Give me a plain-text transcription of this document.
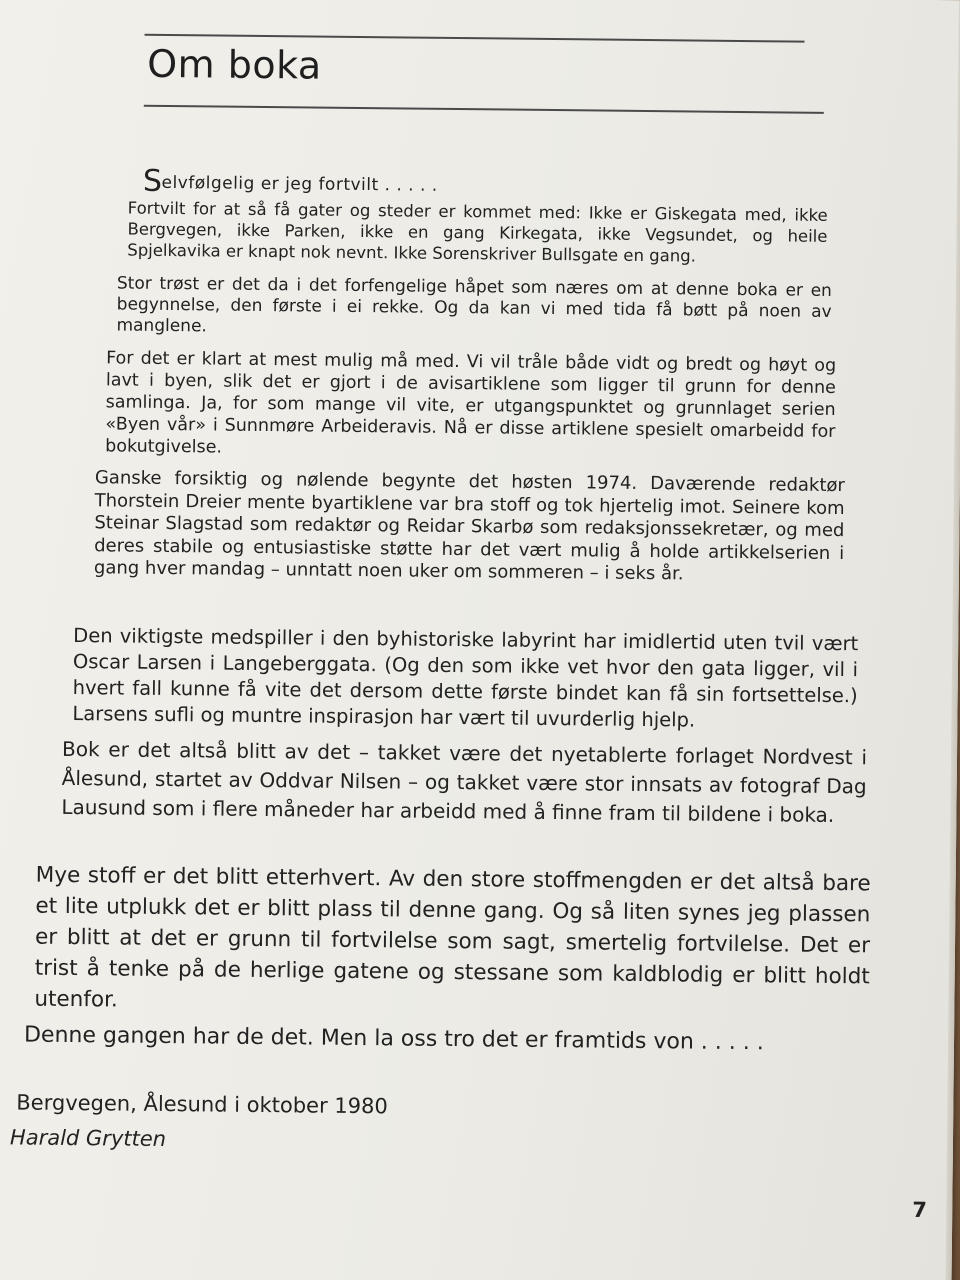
Om boka
Selvfølgelig er jeg fortvilt . . . . .

Fortvilt for at så få gater og steder er kommet med: Ikke er Giskegata med, ikke Bergvegen, ikke Parken, ikke en gang Kirkegata, ikke Vegsundet, og heile Spjelkavika er knapt nok nevnt. Ikke Sorenskriver Bullsgate en gang.

Stor trøst er det da i det forfengelige håpet som næres om at denne boka er en begynnelse, den første i ei rekke. Og da kan vi med tida få bøtt på noen av manglene.

For det er klart at mest mulig må med. Vi vil tråle både vidt og bredt og høyt og lavt i byen, slik det er gjort i de avisartiklene som ligger til grunn for denne samlinga. Ja, for som mange vil vite, er utgangspunktet og grunnlaget serien «Byen vår» i Sunnmøre Arbeideravis. Nå er disse artiklene spesielt omarbeidd for bokutgivelse.

Ganske forsiktig og nølende begynte det høsten 1974. Daværende redaktør Thorstein Dreier mente byartiklene var bra stoff og tok hjertelig imot. Seinere kom Steinar Slagstad som redaktør og Reidar Skarbø som redaksjonssekretær, og med deres stabile og entusiastiske støtte har det vært mulig å holde artikkelserien i gang hver mandag – unntatt noen uker om sommeren – i seks år.

Den viktigste medspiller i den byhistoriske labyrint har imidlertid uten tvil vært Oscar Larsen i Langeberggata. (Og den som ikke vet hvor den gata ligger, vil i hvert fall kunne få vite det dersom dette første bindet kan få sin fortsettelse.) Larsens sufli og muntre inspirasjon har vært til uvurderlig hjelp.

Bok er det altså blitt av det – takket være det nyetablerte forlaget Nordvest i Ålesund, startet av Oddvar Nilsen – og takket være stor innsats av fotograf Dag Lausund som i flere måneder har arbeidd med å finne fram til bildene i boka.

Mye stoff er det blitt etterhvert. Av den store stoffmengden er det altså bare et lite utplukk det er blitt plass til denne gang. Og så liten synes jeg plassen er blitt at det er grunn til fortvilelse som sagt, smertelig fortvilelse. Det er trist å tenke på de herlige gatene og stessane som kaldblodig er blitt holdt utenfor.

Denne gangen har de det. Men la oss tro det er framtids von . . . . .

Bergvegen, Ålesund i oktober 1980
Harald Grytten
7
